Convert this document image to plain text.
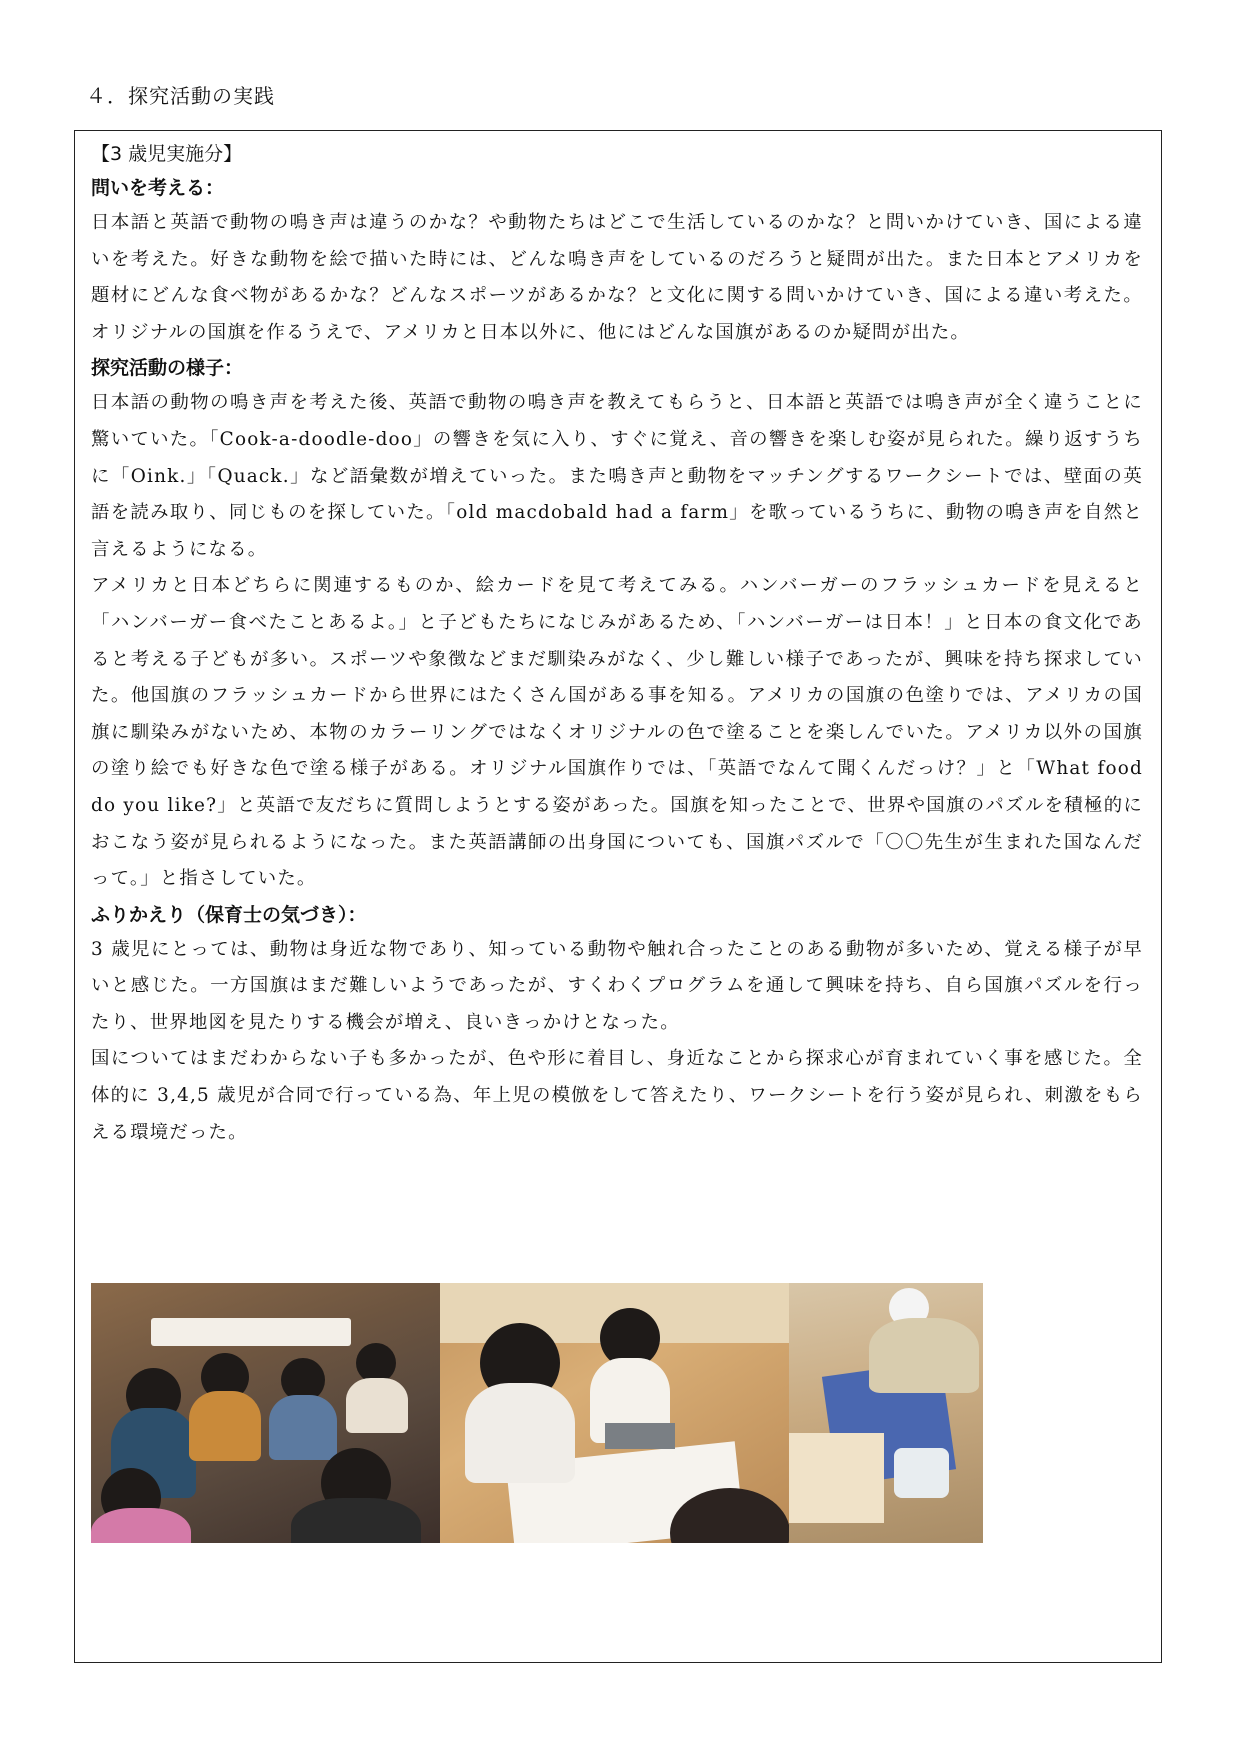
４．探究活動の実践
【3 歳児実施分】
問いを考える：

日本語と英語で動物の鳴き声は違うのかな？や動物たちはどこで生活しているのかな？と問いかけていき、国による違いを考えた。好きな動物を絵で描いた時には、どんな鳴き声をしているのだろうと疑問が出た。また日本とアメリカを題材にどんな食べ物があるかな？どんなスポーツがあるかな？と文化に関する問いかけていき、国による違い考えた。オリジナルの国旗を作るうえで、アメリカと日本以外に、他にはどんな国旗があるのか疑問が出た。

探究活動の様子：

日本語の動物の鳴き声を考えた後、英語で動物の鳴き声を教えてもらうと、日本語と英語では鳴き声が全く違うことに驚いていた。「Cook-a-doodle-doo」の響きを気に入り、すぐに覚え、音の響きを楽しむ姿が見られた。繰り返すうちに「Oink.」「Quack.」など語彙数が増えていった。また鳴き声と動物をマッチングするワークシートでは、壁面の英語を読み取り、同じものを探していた。「old macdobald had a farm」を歌っているうちに、動物の鳴き声を自然と言えるようになる。

アメリカと日本どちらに関連するものか、絵カードを見て考えてみる。ハンバーガーのフラッシュカードを見えると「ハンバーガー食べたことあるよ。」と子どもたちになじみがあるため、「ハンバーガーは日本！」と日本の食文化であると考える子どもが多い。スポーツや象徴などまだ馴染みがなく、少し難しい様子であったが、興味を持ち探求していた。他国旗のフラッシュカードから世界にはたくさん国がある事を知る。アメリカの国旗の色塗りでは、アメリカの国旗に馴染みがないため、本物のカラーリングではなくオリジナルの色で塗ることを楽しんでいた。アメリカ以外の国旗の塗り絵でも好きな色で塗る様子がある。オリジナル国旗作りでは、「英語でなんて聞くんだっけ？」と「What food do you like?」と英語で友だちに質問しようとする姿があった。国旗を知ったことで、世界や国旗のパズルを積極的におこなう姿が見られるようになった。また英語講師の出身国についても、国旗パズルで「〇〇先生が生まれた国なんだって。」と指さしていた。

ふりかえり（保育士の気づき）：

3 歳児にとっては、動物は身近な物であり、知っている動物や触れ合ったことのある動物が多いため、覚える様子が早いと感じた。一方国旗はまだ難しいようであったが、すくわくプログラムを通して興味を持ち、自ら国旗パズルを行ったり、世界地図を見たりする機会が増え、良いきっかけとなった。

国についてはまだわからない子も多かったが、色や形に着目し、身近なことから探求心が育まれていく事を感じた。全体的に 3,4,5 歳児が合同で行っている為、年上児の模倣をして答えたり、ワークシートを行う姿が見られ、刺激をもらえる環境だった。
